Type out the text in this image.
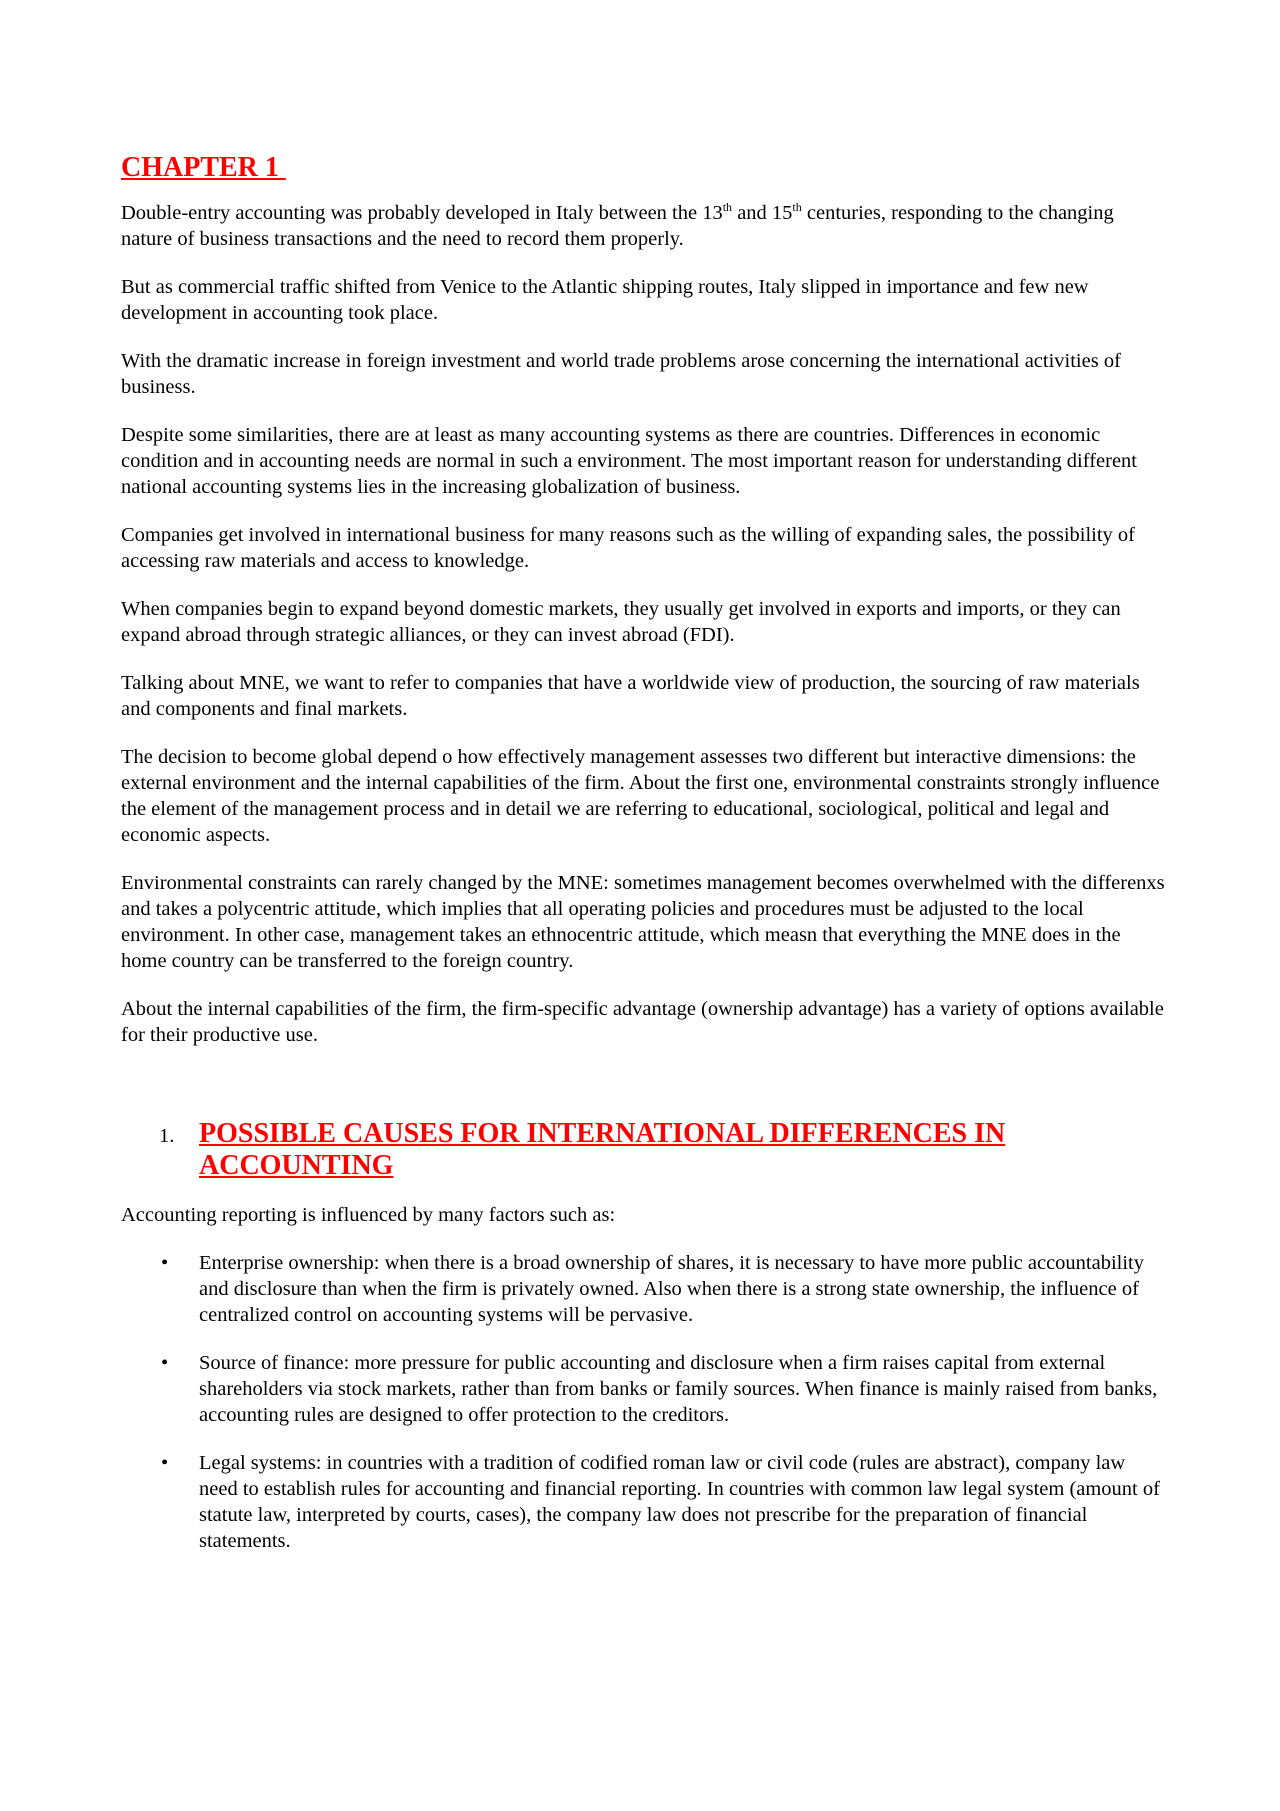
CHAPTER 1

Double-entry accounting was probably developed in Italy between the 13th and 15th centuries, responding to the changing nature of business transactions and the need to record them properly.

But as commercial traffic shifted from Venice to the Atlantic shipping routes, Italy slipped in importance and few new development in accounting took place.

With the dramatic increase in foreign investment and world trade problems arose concerning the international activities of business.

Despite some similarities, there are at least as many accounting systems as there are countries. Differences in economic condition and in accounting needs are normal in such a environment. The most important reason for understanding different national accounting systems lies in the increasing globalization of business.

Companies get involved in international business for many reasons such as the willing of expanding sales, the possibility of accessing raw materials and access to knowledge.

When companies begin to expand beyond domestic markets, they usually get involved in exports and imports, or they can expand abroad through strategic alliances, or they can invest abroad (FDI).

Talking about MNE, we want to refer to companies that have a worldwide view of production, the sourcing of raw materials and components and final markets.

The decision to become global depend o how effectively management assesses two different but interactive dimensions: the external environment and the internal capabilities of the firm. About the first one, environmental constraints strongly influence the element of the management process and in detail we are referring to educational, sociological, political and legal and economic aspects.

Environmental constraints can rarely changed by the MNE: sometimes management becomes overwhelmed with the differenxs and takes a polycentric attitude, which implies that all operating policies and procedures must be adjusted to the local environment. In other case, management takes an ethnocentric attitude, which measn that everything the MNE does in the home country can be transferred to the foreign country.

About the internal capabilities of the firm, the firm-specific advantage (ownership advantage) has a variety of options available for their productive use.

1. POSSIBLE CAUSES FOR INTERNATIONAL DIFFERENCES IN ACCOUNTING

Accounting reporting is influenced by many factors such as:

•	Enterprise ownership: when there is a broad ownership of shares, it is necessary to have more public accountability and disclosure than when the firm is privately owned. Also when there is a strong state ownership, the influence of centralized control on accounting systems will be pervasive.
•	Source of finance: more pressure for public accounting and disclosure when a firm raises capital from external shareholders via stock markets, rather than from banks or family sources. When finance is mainly raised from banks, accounting rules are designed to offer protection to the creditors.
•	Legal systems: in countries with a tradition of codified roman law or civil code (rules are abstract), company law need to establish rules for accounting and financial reporting. In countries with common law legal system (amount of statute law, interpreted by courts, cases), the company law does not prescribe for the preparation of financial statements.
